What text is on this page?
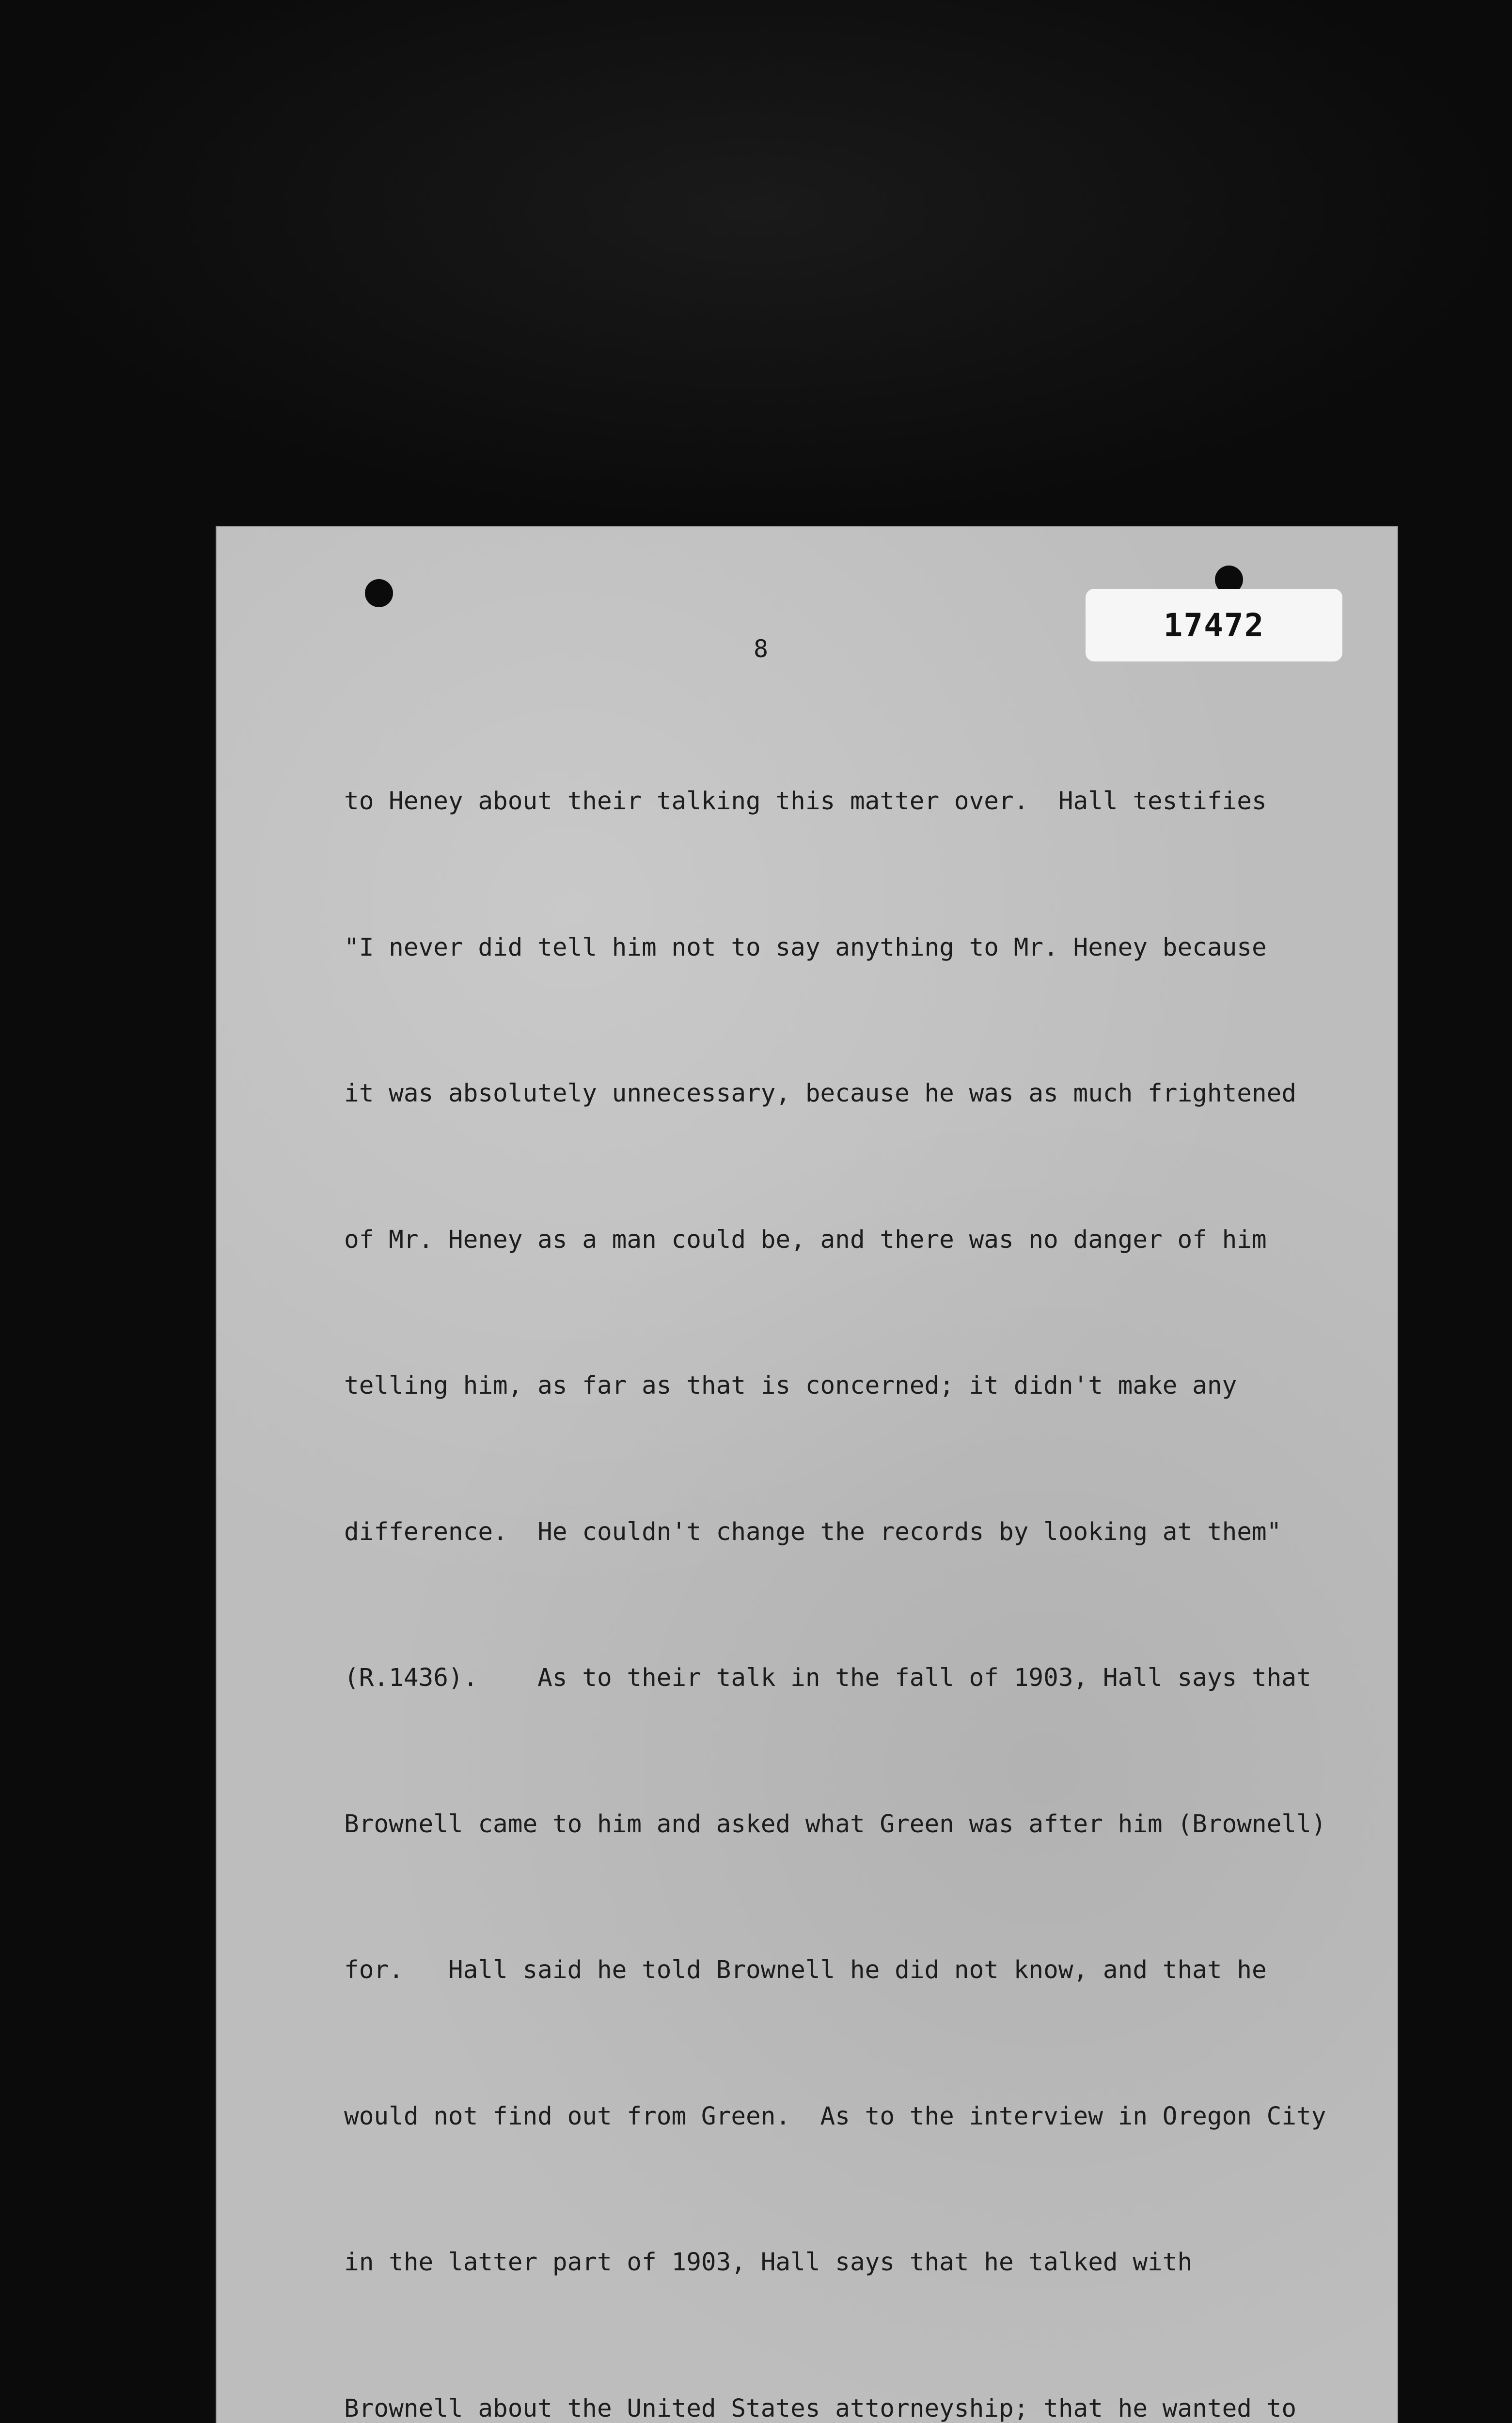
17472
8

to Heney about their talking this matter over.  Hall testifies

"I never did tell him not to say anything to Mr. Heney because

it was absolutely unnecessary, because he was as much frightened

of Mr. Heney as a man could be, and there was no danger of him

telling him, as far as that is concerned; it didn't make any

difference.  He couldn't change the records by looking at them"

(R.1436).    As to their talk in the fall of 1903, Hall says that

Brownell came to him and asked what Green was after him (Brownell)

for.   Hall said he told Brownell he did not know, and that he

would not find out from Green.  As to the interview in Oregon City

in the latter part of 1903, Hall says that he talked with

Brownell about the United States attorneyship; that he wanted to
